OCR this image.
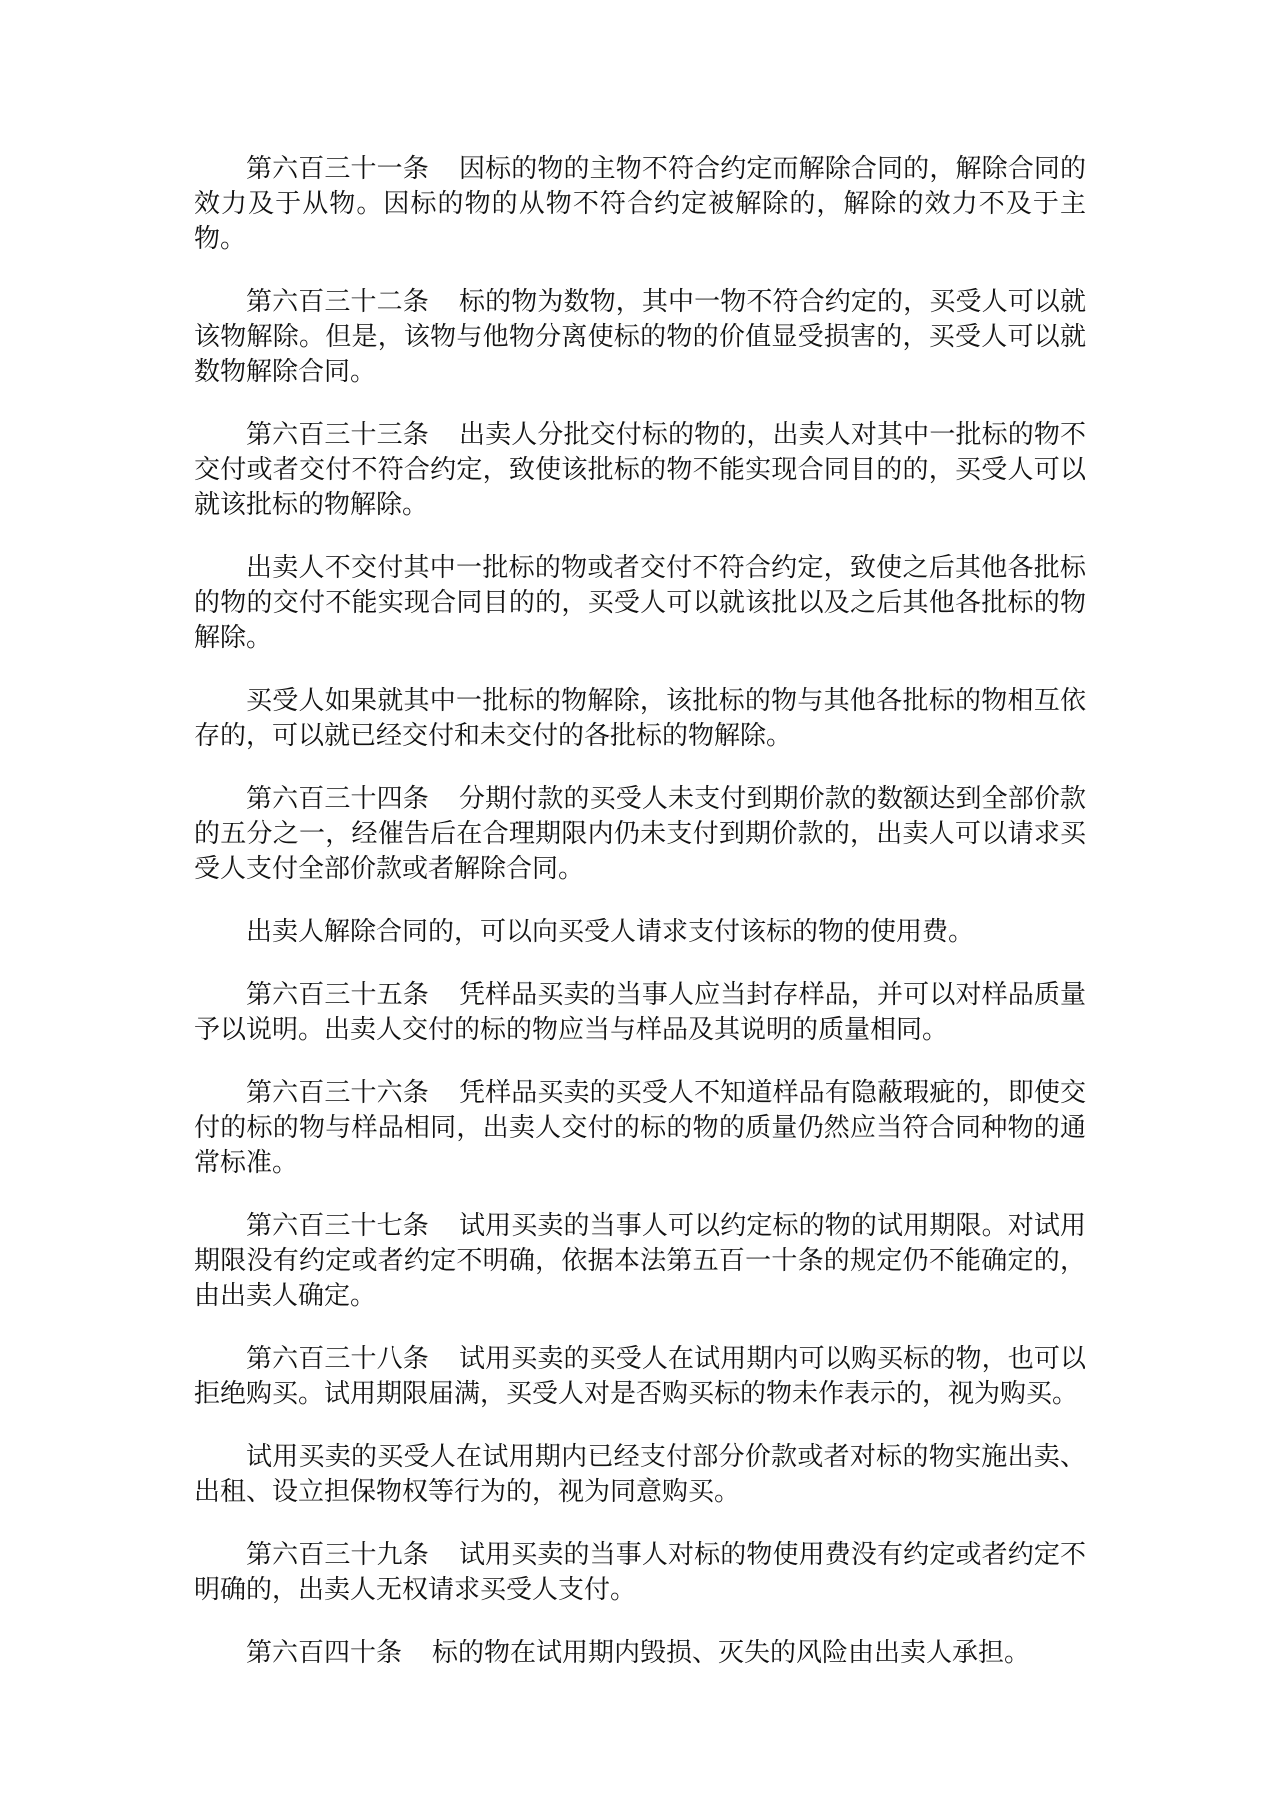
第六百三十一条 因标的物的主物不符合约定而解除合同的，解除合同的效力及于从物。因标的物的从物不符合约定被解除的，解除的效力不及于主物。

第六百三十二条 标的物为数物，其中一物不符合约定的，买受人可以就该物解除。但是，该物与他物分离使标的物的价值显受损害的，买受人可以就数物解除合同。

第六百三十三条 出卖人分批交付标的物的，出卖人对其中一批标的物不交付或者交付不符合约定，致使该批标的物不能实现合同目的的，买受人可以就该批标的物解除。

出卖人不交付其中一批标的物或者交付不符合约定，致使之后其他各批标的物的交付不能实现合同目的的，买受人可以就该批以及之后其他各批标的物解除。

买受人如果就其中一批标的物解除，该批标的物与其他各批标的物相互依存的，可以就已经交付和未交付的各批标的物解除。

第六百三十四条 分期付款的买受人未支付到期价款的数额达到全部价款的五分之一，经催告后在合理期限内仍未支付到期价款的，出卖人可以请求买受人支付全部价款或者解除合同。

出卖人解除合同的，可以向买受人请求支付该标的物的使用费。

第六百三十五条 凭样品买卖的当事人应当封存样品，并可以对样品质量予以说明。出卖人交付的标的物应当与样品及其说明的质量相同。

第六百三十六条 凭样品买卖的买受人不知道样品有隐蔽瑕疵的，即使交付的标的物与样品相同，出卖人交付的标的物的质量仍然应当符合同种物的通常标准。

第六百三十七条 试用买卖的当事人可以约定标的物的试用期限。对试用期限没有约定或者约定不明确，依据本法第五百一十条的规定仍不能确定的，由出卖人确定。

第六百三十八条 试用买卖的买受人在试用期内可以购买标的物，也可以拒绝购买。试用期限届满，买受人对是否购买标的物未作表示的，视为购买。

试用买卖的买受人在试用期内已经支付部分价款或者对标的物实施出卖、出租、设立担保物权等行为的，视为同意购买。

第六百三十九条 试用买卖的当事人对标的物使用费没有约定或者约定不明确的，出卖人无权请求买受人支付。

第六百四十条 标的物在试用期内毁损、灭失的风险由出卖人承担。
